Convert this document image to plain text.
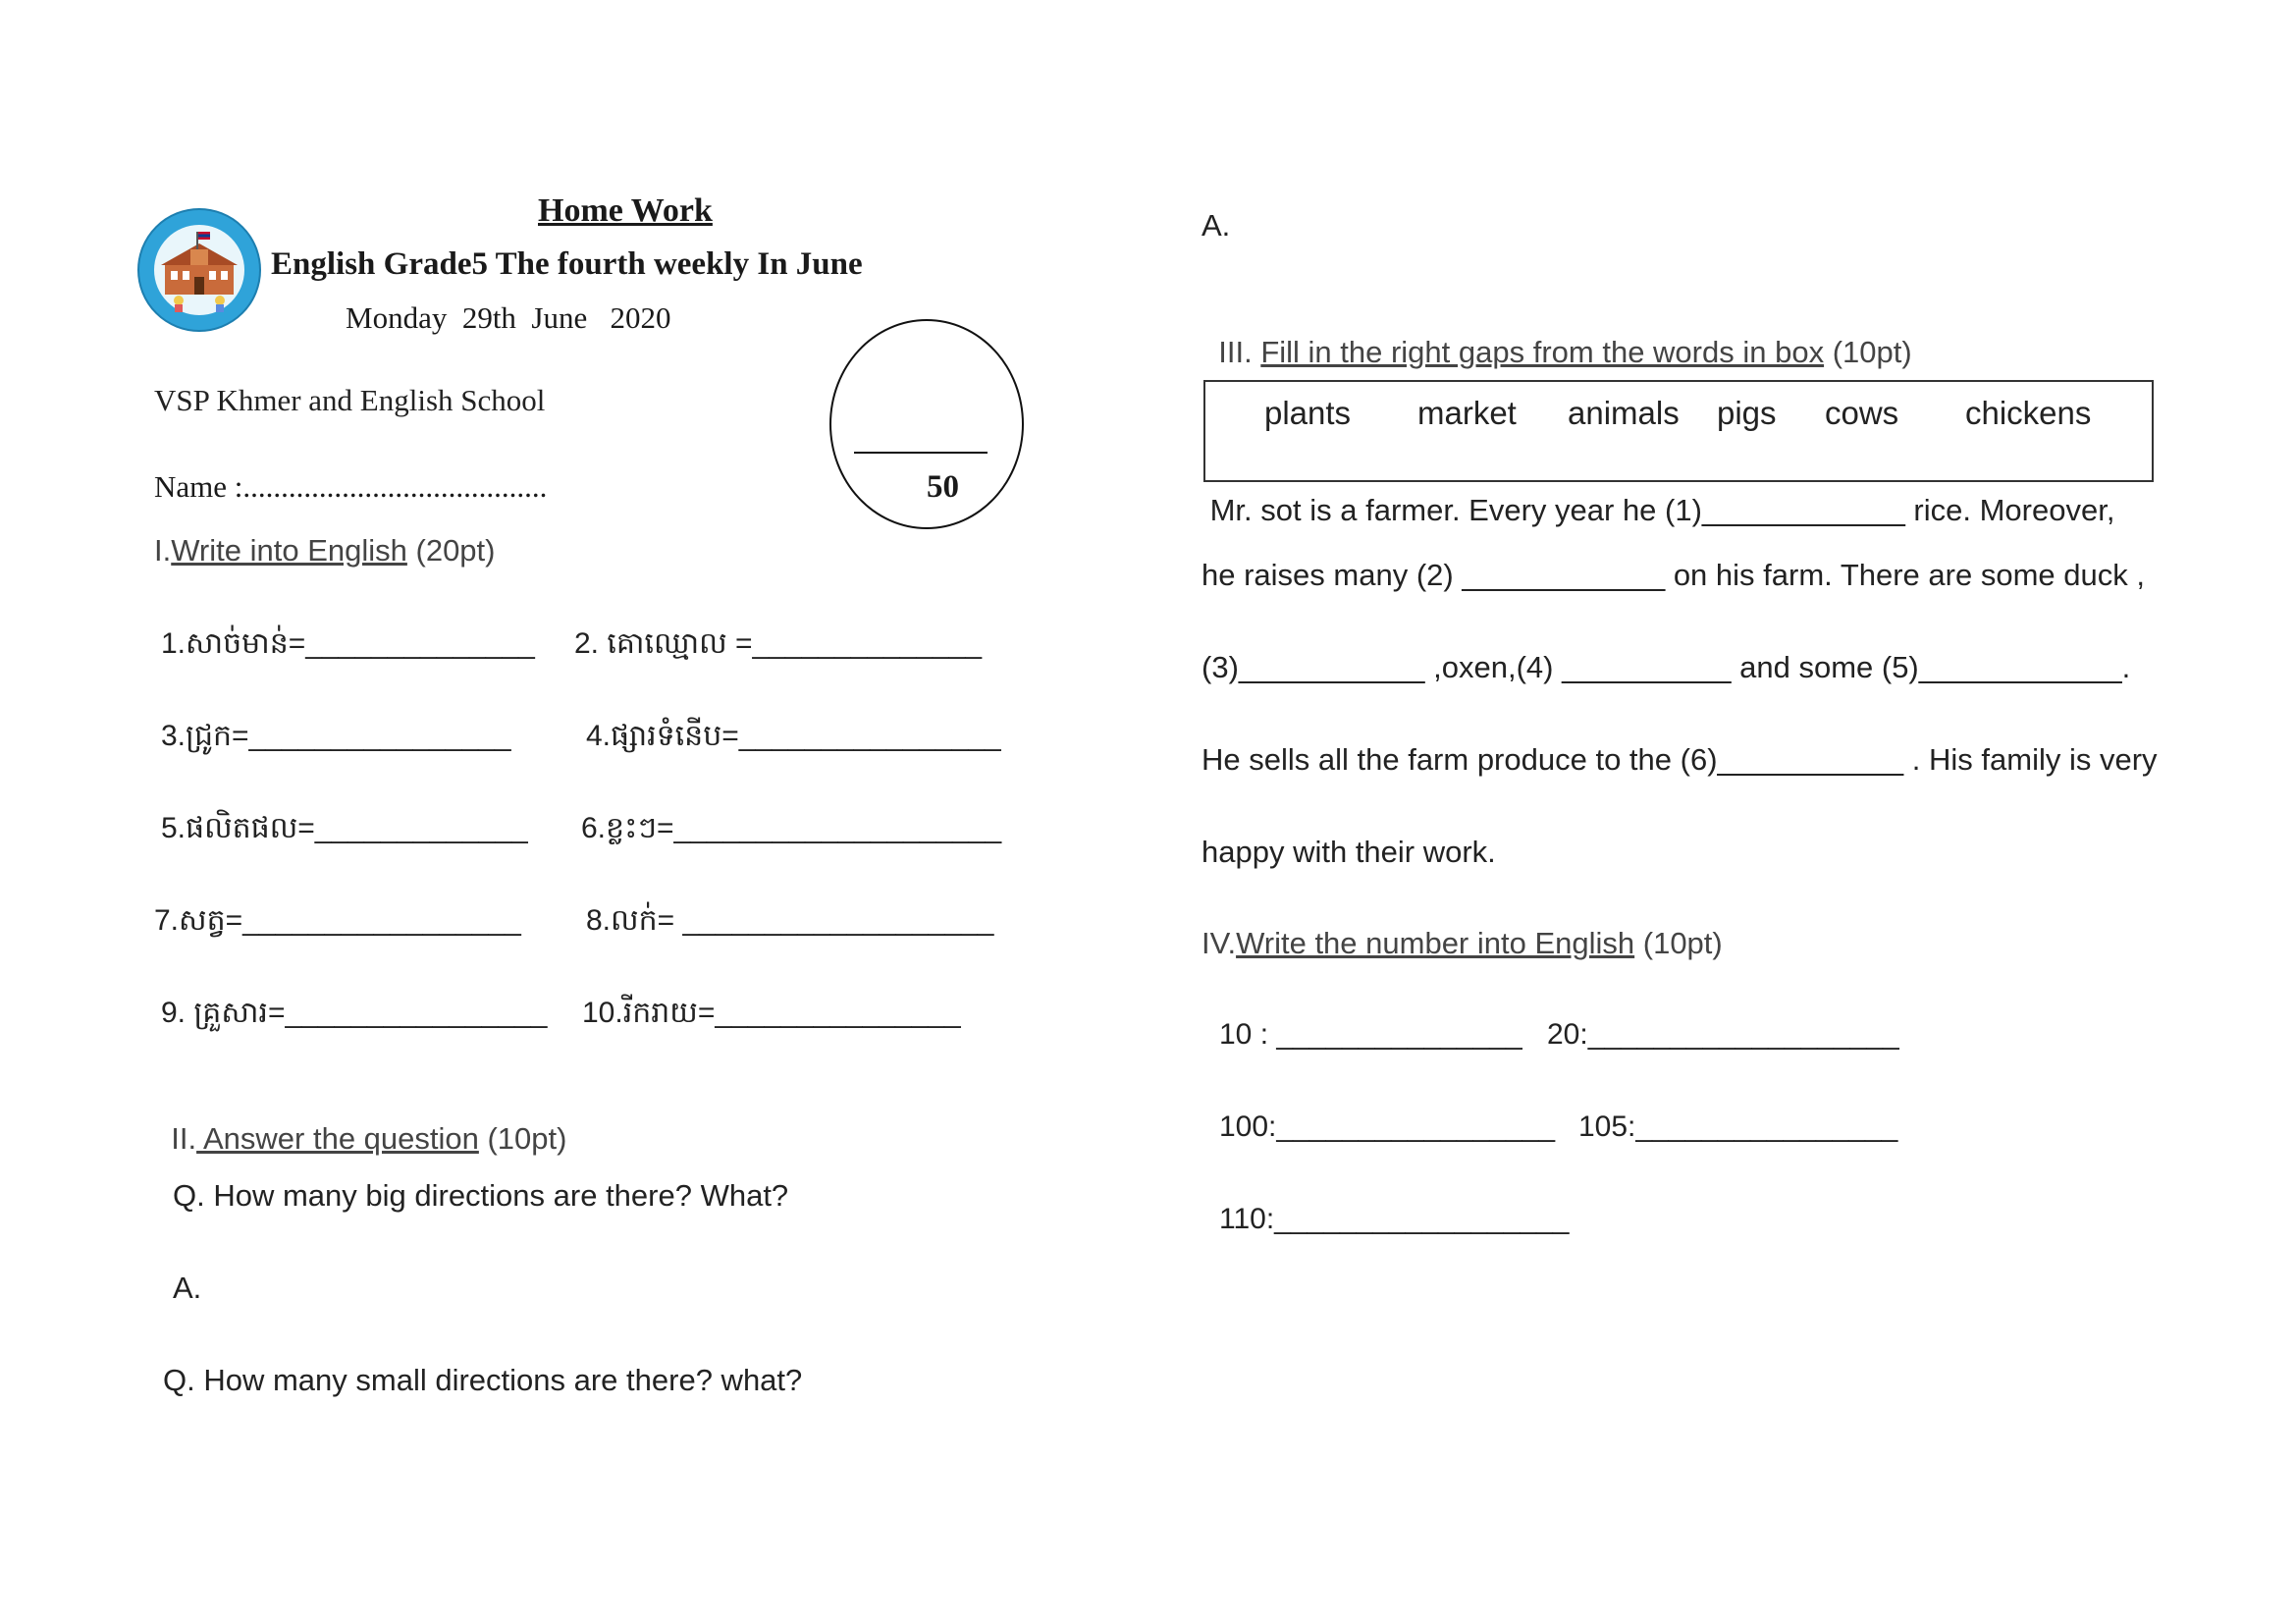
Home Work
English Grade5 The fourth weekly In June
Monday  29th  June   2020
VSP Khmer and English School
Name :........................................	50
I.Write into English (20pt)
1.សាច់មាន់=______________ 2. គោឈ្មោល =______________
3.ជ្រូក=________________	4.ផ្សារទំនើប=________________
5.ផលិតផល=_____________ 6.ខ្លះៗ=____________________
7.សត្វ=_________________ 8.លក់= ___________________
9. គ្រួសារ=________________ 10.រីករាយ=_______________

II. Answer the question (10pt)

Q. How many big directions are there? What?
A.
Q. How many small directions are there? what?
A.

III. Fill in the right gaps from the words in box (10pt)

plants market animals pigs cows chickens
Mr. sot is a farmer. Every year he (1)____________ rice. Moreover,
he raises many (2) ____________ on his farm. There are some duck ,
(3)___________ ,oxen,(4) __________ and some (5)____________.
He sells all the farm produce to the (6)___________ . His family is very
happy with their work.
IV.Write the number into English (10pt)
10 : _______________ 20:___________________
100:_________________ 105:________________
110:__________________
